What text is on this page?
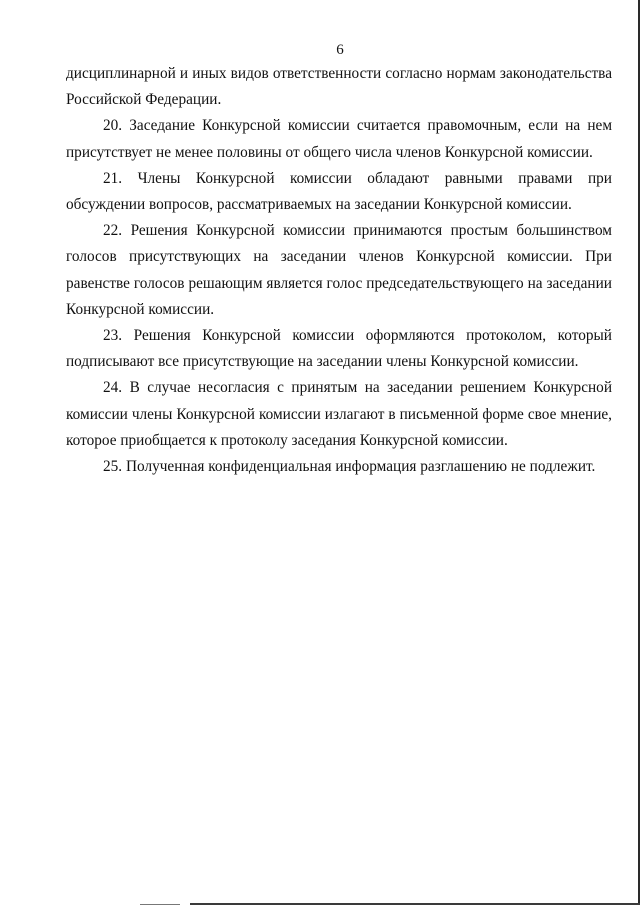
6

дисциплинарной и иных видов ответственности согласно нормам законодательства Российской Федерации.

20. Заседание Конкурсной комиссии считается правомочным, если на нем присутствует не менее половины от общего числа членов Конкурсной комиссии.

21. Члены Конкурсной комиссии обладают равными правами при обсуждении вопросов, рассматриваемых на заседании Конкурсной комиссии.

22. Решения Конкурсной комиссии принимаются простым большинством голосов присутствующих на заседании членов Конкурсной комиссии. При равенстве голосов решающим является голос председательствующего на заседании Конкурсной комиссии.

23. Решения Конкурсной комиссии оформляются протоколом, который подписывают все присутствующие на заседании члены Конкурсной комиссии.

24. В случае несогласия с принятым на заседании решением Конкурсной комиссии члены Конкурсной комиссии излагают в письменной форме свое мнение, которое приобщается к протоколу заседания Конкурсной комиссии.

25. Полученная конфиденциальная информация разглашению не подлежит.
